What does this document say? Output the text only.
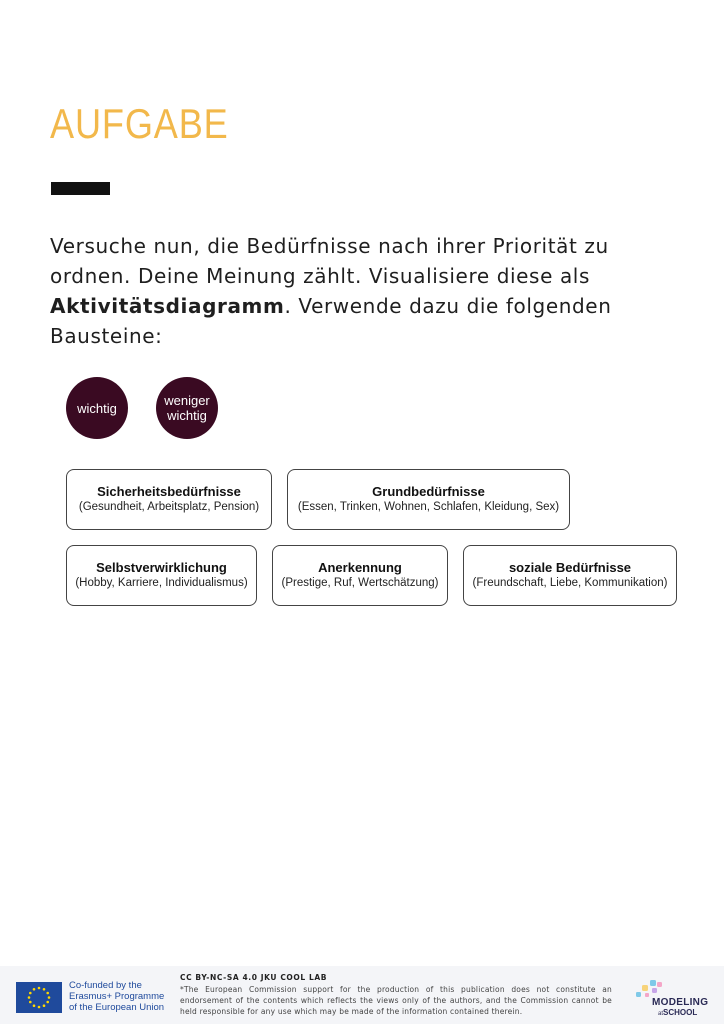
AUFGABE
Versuche nun, die Bedürfnisse nach ihrer Priorität zu ordnen. Deine Meinung zählt. Visualisiere diese als Aktivitätsdiagramm. Verwende dazu die folgenden Bausteine:
wichtig	weniger wichtig
Sicherheitsbedürfnisse
(Gesundheit, Arbeitsplatz, Pension)
Grundbedürfnisse
(Essen, Trinken, Wohnen, Schlafen, Kleidung, Sex)
Selbstverwirklichung
(Hobby, Karriere, Individualismus)
Anerkennung
(Prestige, Ruf, Wertschätzung)
soziale Bedürfnisse
(Freundschaft, Liebe, Kommunikation)
Co-funded by the
Erasmus+ Programme
of the European Union
CC BY-NC-SA 4.0 JKU COOL LAB
*The European Commission support for the production of this publication does not constitute an endorsement of the contents which reflects the views only of the authors, and the Commission cannot be held responsible for any use which may be made of the information contained therein.
MODELING
atSCHOOL
